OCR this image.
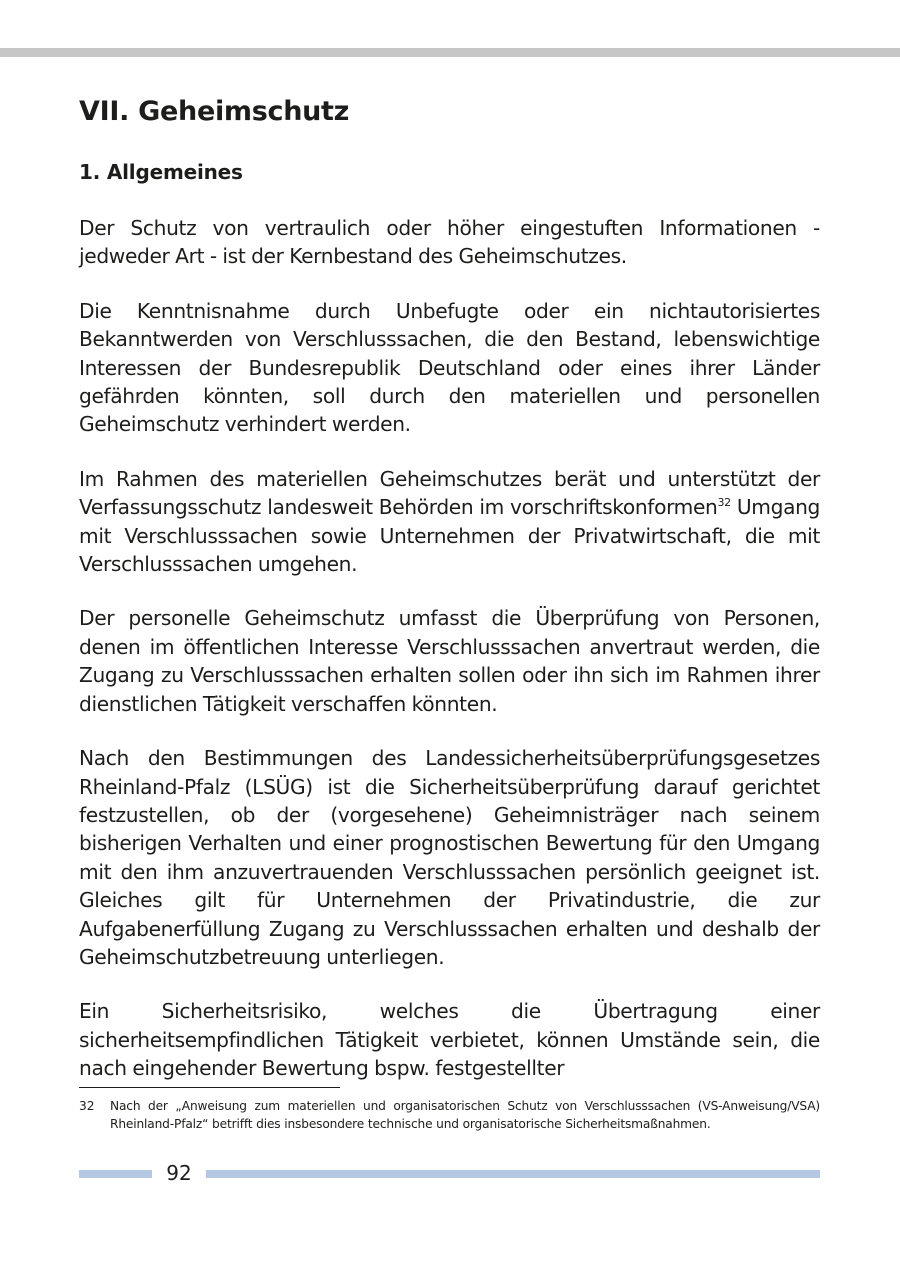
VII. Geheimschutz
1. Allgemeines

Der Schutz von vertraulich oder höher eingestuften Informationen - jedweder Art - ist der Kernbestand des Geheimschutzes.

Die Kenntnisnahme durch Unbefugte oder ein nichtautorisiertes Bekanntwerden von Verschlusssachen, die den Bestand, lebenswichtige Interessen der Bundesrepublik Deutschland oder eines ihrer Länder gefährden könnten, soll durch den materiellen und personellen Geheimschutz verhindert werden.

Im Rahmen des materiellen Geheimschutzes berät und unterstützt der Verfassungsschutz landesweit Behörden im vorschriftskonformen$^{32}$ Umgang mit Verschlusssachen sowie Unternehmen der Privatwirtschaft, die mit Verschlusssachen umgehen.

Der personelle Geheimschutz umfasst die Überprüfung von Personen, denen im öffentlichen Interesse Verschlusssachen anvertraut werden, die Zugang zu Verschlusssachen erhalten sollen oder ihn sich im Rahmen ihrer dienstlichen Tätigkeit verschaffen könnten.

Nach den Bestimmungen des Landessicherheitsüberprüfungsgesetzes Rheinland-Pfalz (LSÜG) ist die Sicherheitsüberprüfung darauf gerichtet festzustellen, ob der (vorgesehene) Geheimnisträger nach seinem bisherigen Verhalten und einer prognostischen Bewertung für den Umgang mit den ihm anzuvertrauenden Verschlusssachen persönlich geeignet ist. Gleiches gilt für Unternehmen der Privatindustrie, die zur Aufgabenerfüllung Zugang zu Verschlusssachen erhalten und deshalb der Geheimschutzbetreuung unterliegen.

Ein Sicherheitsrisiko, welches die Übertragung einer sicherheitsempfindlichen Tätigkeit verbietet, können Umstände sein, die nach eingehender Bewertung bspw. festgestellter

32	Nach der „Anweisung zum materiellen und organisatorischen Schutz von Verschlusssachen (VS-Anweisung/VSA) Rheinland-Pfalz“ betrifft dies insbesondere technische und organisatorische Sicherheitsmaßnahmen.
92
